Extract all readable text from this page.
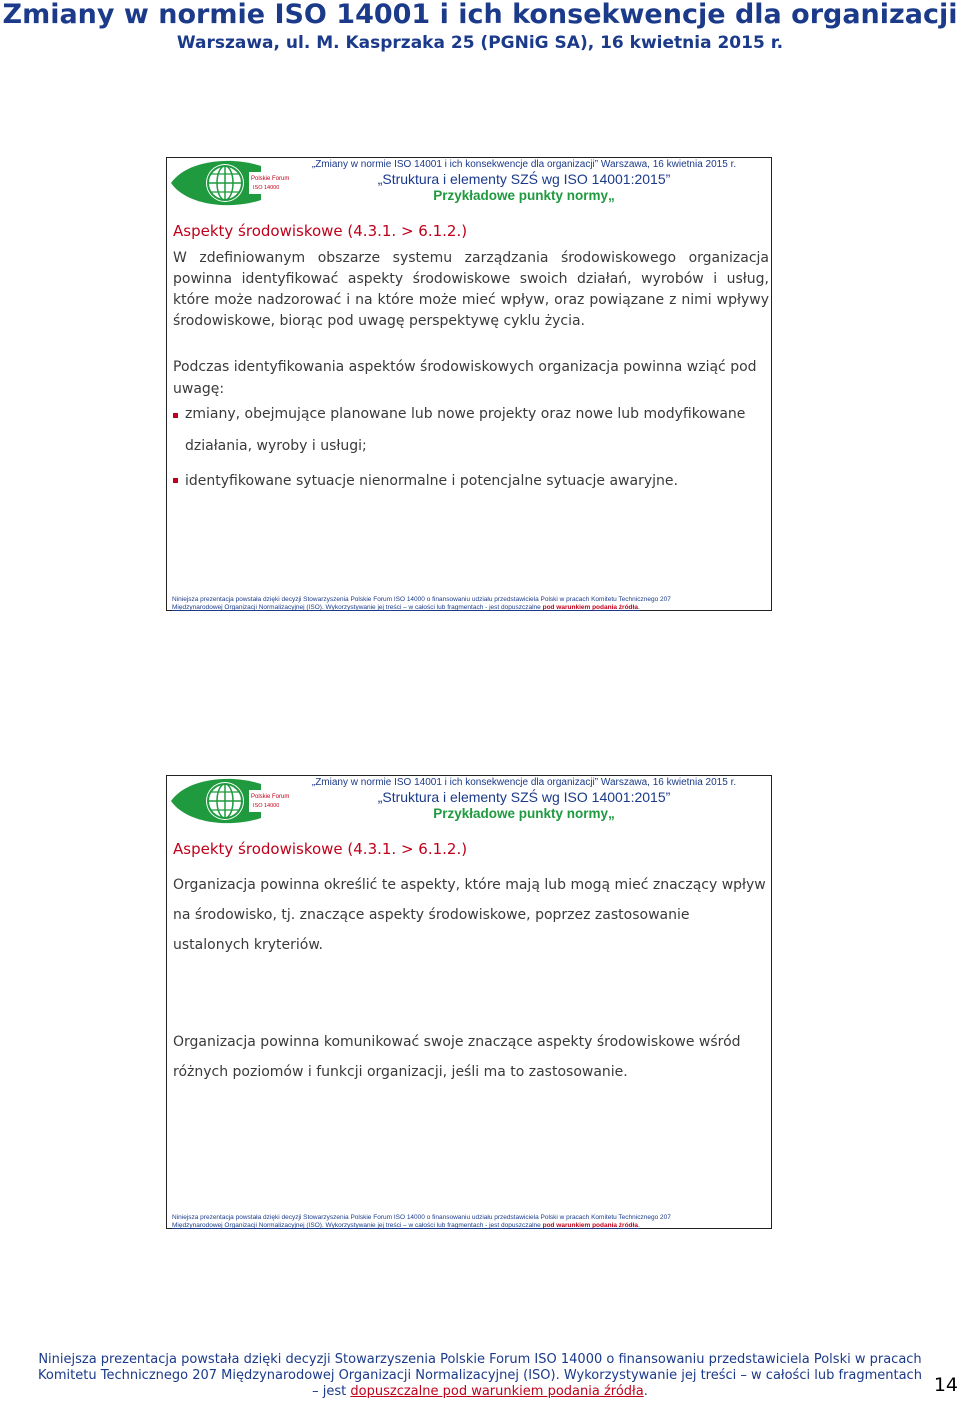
Zmiany w normie ISO 14001 i ich konsekwencje dla organizacji
Warszawa, ul. M. Kasprzaka 25 (PGNiG SA), 16 kwietnia 2015 r.
Polskie Forum
ISO 14000
„Zmiany w normie ISO 14001 i ich konsekwencje dla organizacji” Warszawa, 16 kwietnia 2015 r.
„Struktura i elementy SZŚ wg ISO 14001:2015”
Przykładowe punkty normy„
Aspekty środowiskowe (4.3.1. > 6.1.2.)
W zdefiniowanym obszarze systemu zarządzania środowiskowego organizacja powinna identyfikować aspekty środowiskowe swoich działań, wyrobów i usług, które może nadzorować i na które może mieć wpływ, oraz powiązane z nimi wpływy środowiskowe, biorąc pod uwagę perspektywę cyklu życia.
Podczas identyfikowania aspektów środowiskowych organizacja powinna wziąć pod uwagę:
zmiany, obejmujące planowane lub nowe projekty oraz nowe lub modyfikowane działania, wyroby i usługi;
identyfikowane sytuacje nienormalne i potencjalne sytuacje awaryjne.
Niniejsza prezentacja powstała dzięki decyzji Stowarzyszenia Polskie Forum ISO 14000 o finansowaniu udziału przedstawiciela Polski w pracach Komitetu Technicznego 207
Międzynarodowej Organizacji Normalizacyjnej (ISO). Wykorzystywanie jej treści – w całości lub fragmentach - jest dopuszczalne pod warunkiem podania źródła.
Polskie Forum
ISO 14000
„Zmiany w normie ISO 14001 i ich konsekwencje dla organizacji” Warszawa, 16 kwietnia 2015 r.
„Struktura i elementy SZŚ wg ISO 14001:2015”
Przykładowe punkty normy„
Aspekty środowiskowe (4.3.1. > 6.1.2.)
Organizacja powinna określić te aspekty, które mają lub mogą mieć znaczący wpływ na środowisko, tj. znaczące aspekty środowiskowe, poprzez zastosowanie ustalonych kryteriów.
Organizacja powinna komunikować swoje znaczące aspekty środowiskowe wśród różnych poziomów i funkcji organizacji, jeśli ma to zastosowanie.
Niniejsza prezentacja powstała dzięki decyzji Stowarzyszenia Polskie Forum ISO 14000 o finansowaniu udziału przedstawiciela Polski w pracach Komitetu Technicznego 207
Międzynarodowej Organizacji Normalizacyjnej (ISO). Wykorzystywanie jej treści – w całości lub fragmentach - jest dopuszczalne pod warunkiem podania źródła.
Niniejsza prezentacja powstała dzięki decyzji Stowarzyszenia Polskie Forum ISO 14000 o finansowaniu przedstawiciela Polski w pracach
Komitetu Technicznego 207 Międzynarodowej Organizacji Normalizacyjnej (ISO). Wykorzystywanie jej treści – w całości lub fragmentach
– jest dopuszczalne pod warunkiem podania źródła.	14
